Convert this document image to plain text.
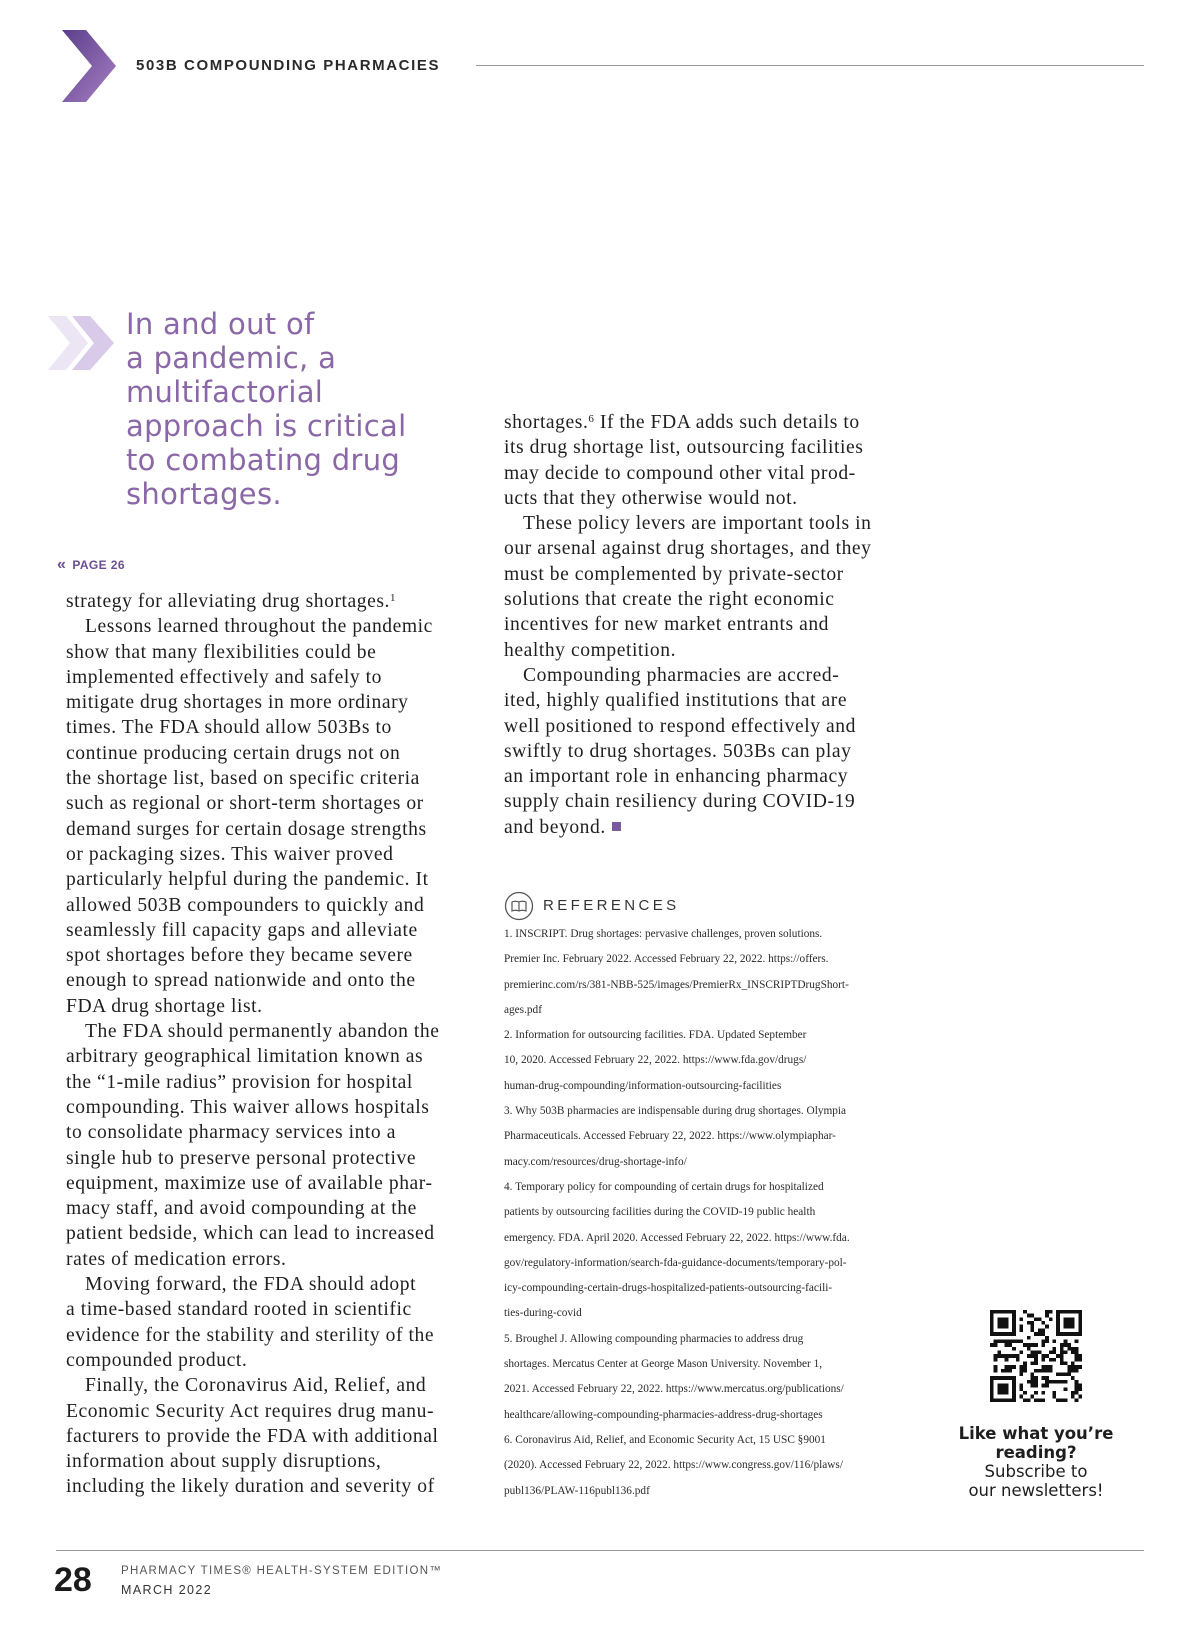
503B COMPOUNDING PHARMACIES
In and out of
a pandemic, a
multifactorial
approach is critical
to combating drug
shortages.
« PAGE 26

strategy for alleviating drug shortages.$^1$

Lessons learned throughout the pandemic

show that many flexibilities could be

implemented effectively and safely to

mitigate drug shortages in more ordinary

times. The FDA should allow 503Bs to

continue producing certain drugs not on

the shortage list, based on specific criteria

such as regional or short-term shortages or

demand surges for certain dosage strengths

or packaging sizes. This waiver proved

particularly helpful during the pandemic. It

allowed 503B compounders to quickly and

seamlessly fill capacity gaps and alleviate

spot shortages before they became severe

enough to spread nationwide and onto the

FDA drug shortage list.

The FDA should permanently abandon the

arbitrary geographical limitation known as

the “1-mile radius” provision for hospital

compounding. This waiver allows hospitals

to consolidate pharmacy services into a

single hub to preserve personal protective

equipment, maximize use of available phar-

macy staff, and avoid compounding at the

patient bedside, which can lead to increased

rates of medication errors.

Moving forward, the FDA should adopt

a time-based standard rooted in scientific

evidence for the stability and sterility of the

compounded product.

Finally, the Coronavirus Aid, Relief, and

Economic Security Act requires drug manu-

facturers to provide the FDA with additional

information about supply disruptions,

including the likely duration and severity of

shortages.$^6$ If the FDA adds such details to

its drug shortage list, outsourcing facilities

may decide to compound other vital prod-

ucts that they otherwise would not.

These policy levers are important tools in

our arsenal against drug shortages, and they

must be complemented by private-sector

solutions that create the right economic

incentives for new market entrants and

healthy competition.

Compounding pharmacies are accred-

ited, highly qualified institutions that are

well positioned to respond effectively and

swiftly to drug shortages. 503Bs can play

an important role in enhancing pharmacy

supply chain resiliency during COVID-19

and beyond.

REFERENCES
1. INSCRIPT. Drug shortages: pervasive challenges, proven solutions.
Premier Inc. February 2022. Accessed February 22, 2022. https://offers.
premierinc.com/rs/381-NBB-525/images/PremierRx_INSCRIPTDrugShort-
ages.pdf
2. Information for outsourcing facilities. FDA. Updated September
10, 2020. Accessed February 22, 2022. https://www.fda.gov/drugs/
human-drug-compounding/information-outsourcing-facilities
3. Why 503B pharmacies are indispensable during drug shortages. Olympia
Pharmaceuticals. Accessed February 22, 2022. https://www.olympiaphar-
macy.com/resources/drug-shortage-info/
4. Temporary policy for compounding of certain drugs for hospitalized
patients by outsourcing facilities during the COVID-19 public health
emergency. FDA. April 2020. Accessed February 22, 2022. https://www.fda.
gov/regulatory-information/search-fda-guidance-documents/temporary-pol-
icy-compounding-certain-drugs-hospitalized-patients-outsourcing-facili-
ties-during-covid
5. Broughel J. Allowing compounding pharmacies to address drug
shortages. Mercatus Center at George Mason University. November 1,
2021. Accessed February 22, 2022. https://www.mercatus.org/publications/
healthcare/allowing-compounding-pharmacies-address-drug-shortages
6. Coronavirus Aid, Relief, and Economic Security Act, 15 USC §9001
(2020). Accessed February 22, 2022. https://www.congress.gov/116/plaws/
publ136/PLAW-116publ136.pdf
Like what you’re
reading?
Subscribe to
our newsletters!
28	PHARMACY TIMES® HEALTH-SYSTEM EDITION™
MARCH 2022
